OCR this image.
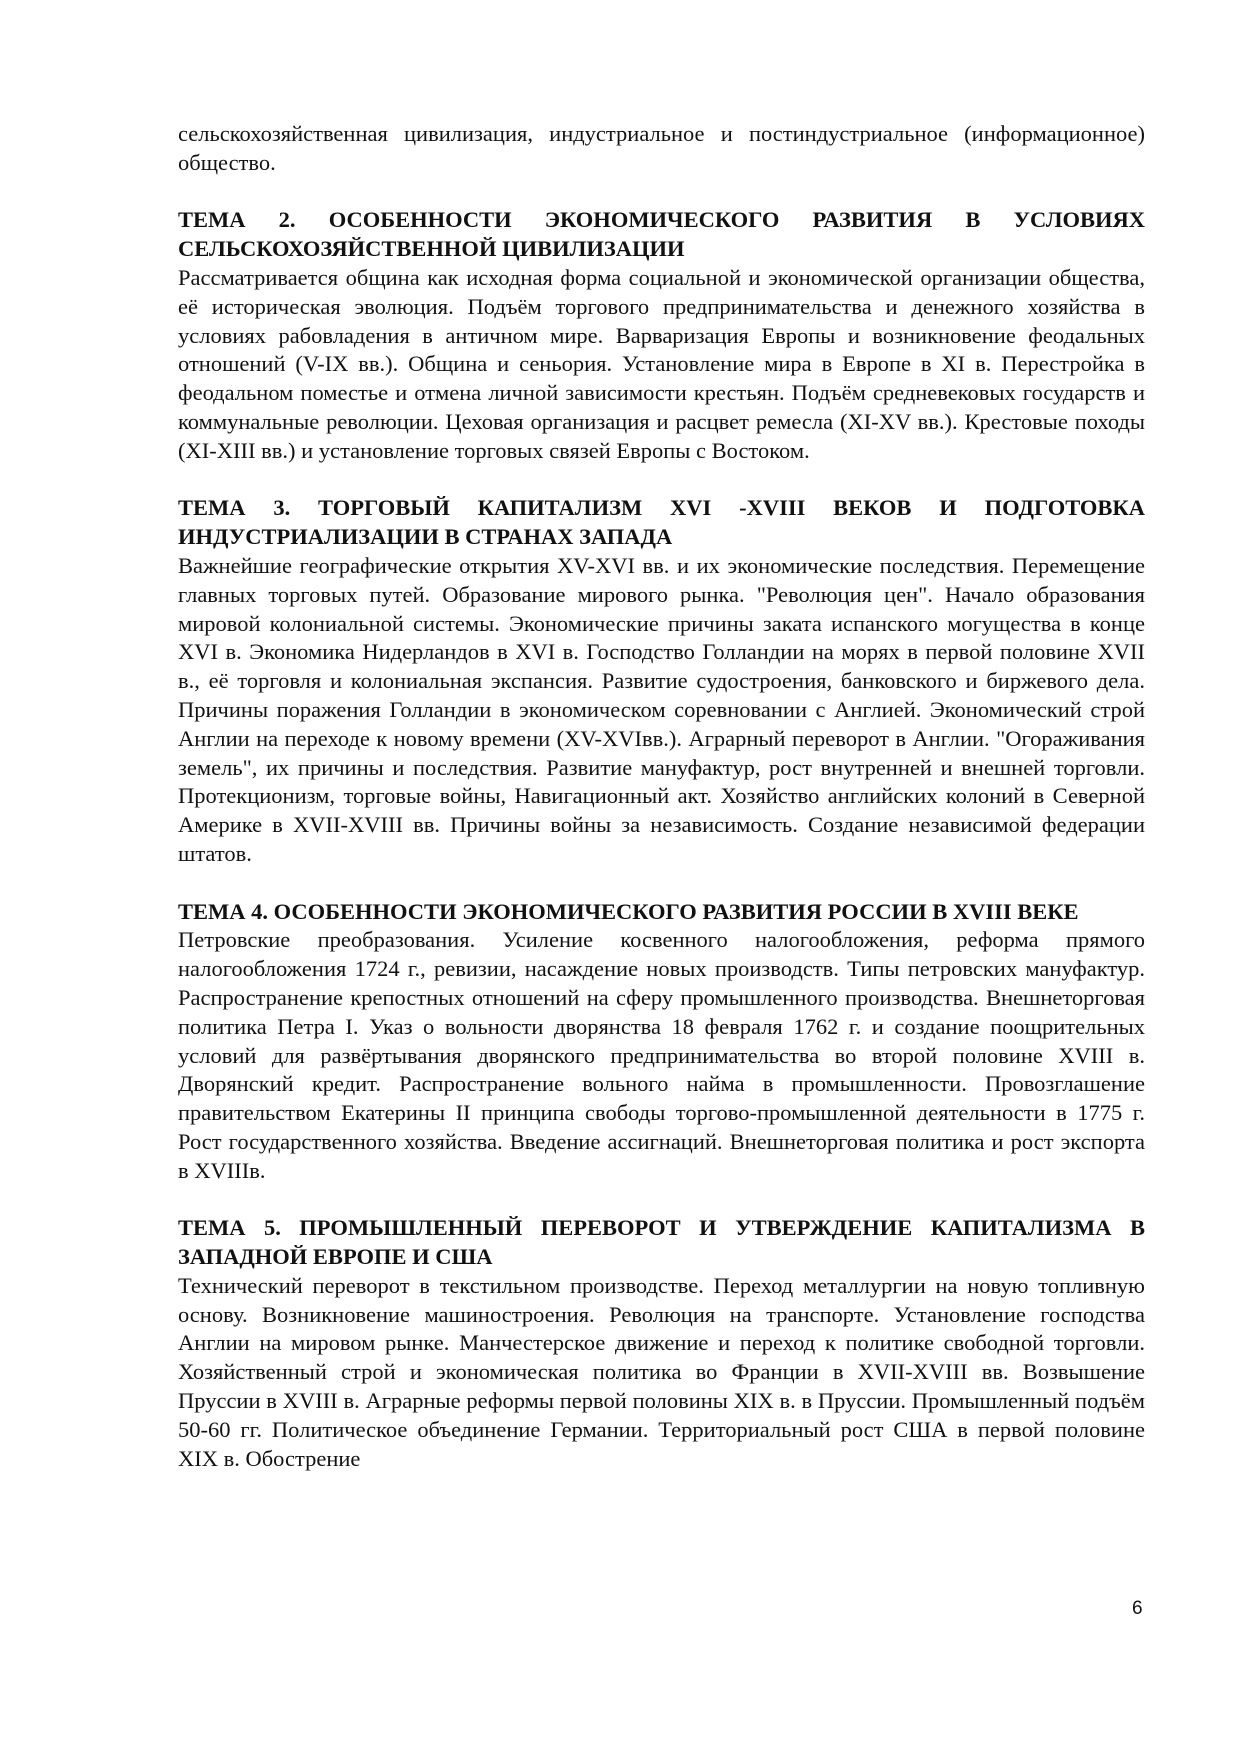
сельскохозяйственная цивилизация, индустриальное и постиндустриальное (информационное) общество.

ТЕМА 2. ОСОБЕННОСТИ ЭКОНОМИЧЕСКОГО РАЗВИТИЯ В УСЛОВИЯХ СЕЛЬСКОХОЗЯЙСТВЕННОЙ ЦИВИЛИЗАЦИИ

Рассматривается община как исходная форма социальной и экономической организации общества, её историческая эволюция. Подъём торгового предпринимательства и денежного хозяйства в условиях рабовладения в античном мире. Варваризация Европы и возникновение феодальных отношений (V-IX вв.). Община и сеньория. Установление мира в Европе в XI в. Перестройка в феодальном поместье и отмена личной зависимости крестьян. Подъём средневековых государств и коммунальные революции. Цеховая организация и расцвет ремесла (XI-XV вв.). Крестовые походы (XI-XIII вв.) и установление торговых связей Европы с Востоком.

ТЕМА 3. ТОРГОВЫЙ КАПИТАЛИЗМ XVI -XVIII ВЕКОВ И ПОДГОТОВКА ИНДУСТРИАЛИЗАЦИИ В СТРАНАХ ЗАПАДА

Важнейшие географические открытия XV-XVI вв. и их экономические последствия. Перемещение главных торговых путей. Образование мирового рынка. "Революция цен". Начало образования мировой колониальной системы. Экономические причины заката испанского могущества в конце XVI в. Экономика Нидерландов в XVI в. Господство Голландии на морях в первой половине XVII в., её торговля и колониальная экспансия. Развитие судостроения, банковского и биржевого дела. Причины поражения Голландии в экономическом соревновании с Англией. Экономический строй Англии на переходе к новому времени (XV-XVIвв.). Аграрный переворот в Англии. "Огораживания земель", их причины и последствия. Развитие мануфактур, рост внутренней и внешней торговли. Протекционизм, торговые войны, Навигационный акт. Хозяйство английских колоний в Северной Америке в XVII-XVIII вв. Причины войны за независимость. Создание независимой федерации штатов.

ТЕМА 4. ОСОБЕННОСТИ ЭКОНОМИЧЕСКОГО РАЗВИТИЯ РОССИИ В XVIII ВЕКЕ

Петровские преобразования. Усиление косвенного налогообложения, реформа прямого налогообложения 1724 г., ревизии, насаждение новых производств. Типы петровских мануфактур. Распространение крепостных отношений на сферу промышленного производства. Внешнеторговая политика Петра I. Указ о вольности дворянства 18 февраля 1762 г. и создание поощрительных условий для развёртывания дворянского предпринимательства во второй половине XVIII в. Дворянский кредит. Распространение вольного найма в промышленности. Провозглашение правительством Екатерины II принципа свободы торгово-промышленной деятельности в 1775 г. Рост государственного хозяйства. Введение ассигнаций. Внешнеторговая политика и рост экспорта в XVIIIв.

ТЕМА 5. ПРОМЫШЛЕННЫЙ ПЕРЕВОРОТ И УТВЕРЖДЕНИЕ КАПИТАЛИЗМА В ЗАПАДНОЙ ЕВРОПЕ И США

Технический переворот в текстильном производстве. Переход металлургии на новую топливную основу. Возникновение машиностроения. Революция на транспорте. Установление господства Англии на мировом рынке. Манчестерское движение и переход к политике свободной торговли. Хозяйственный строй и экономическая политика во Франции в XVII-XVIII вв. Возвышение Пруссии в XVIII в. Аграрные реформы первой половины XIX в. в Пруссии. Промышленный подъём 50-60 гг. Политическое объединение Германии. Территориальный рост США в первой половине XIX в. Обострение

6
